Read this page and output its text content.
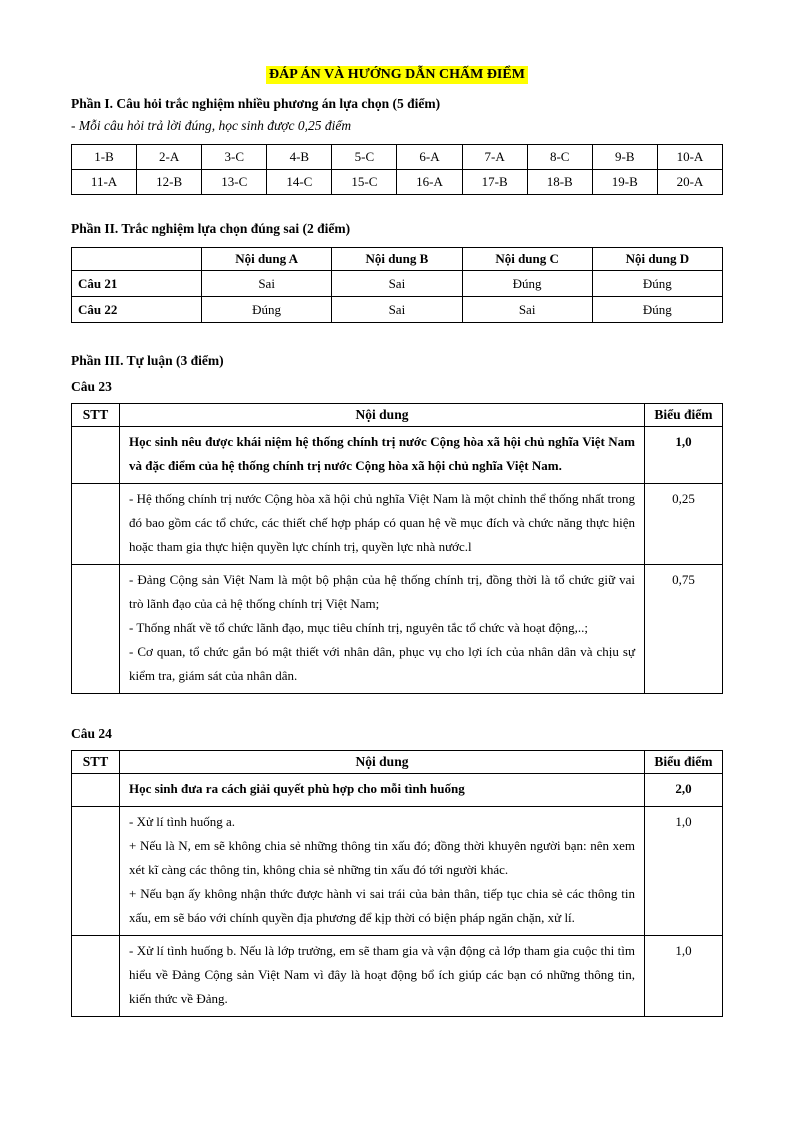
ĐÁP ÁN VÀ HƯỚNG DẪN CHẤM ĐIỂM

Phần I. Câu hỏi trắc nghiệm nhiều phương án lựa chọn (5 điểm)

- Mỗi câu hỏi trả lời đúng, học sinh được 0,25 điểm

1-B	2-A	3-C	4-B	5-C	6-A	7-A	8-C	9-B	10-A
11-A	12-B	13-C	14-C	15-C	16-A	17-B	18-B	19-B	20-A

Phần II. Trắc nghiệm lựa chọn đúng sai (2 điểm)

	Nội dung A	Nội dung B	Nội dung C	Nội dung D
Câu 21	Sai	Sai	Đúng	Đúng
Câu 22	Đúng	Sai	Sai	Đúng

Phần III. Tự luận (3 điểm)

Câu 23

STT	Nội dung	Biểu điểm

	Học sinh nêu được khái niệm hệ thống chính trị nước Cộng hòa xã hội chủ nghĩa Việt Nam và đặc điểm của hệ thống chính trị nước Cộng hòa xã hội chủ nghĩa Việt Nam.	1,0

	- Hệ thống chính trị nước Cộng hòa xã hội chủ nghĩa Việt Nam là một chỉnh thể thống nhất trong đó bao gồm các tổ chức, các thiết chế hợp pháp có quan hệ về mục đích và chức năng thực hiện hoặc tham gia thực hiện quyền lực chính trị, quyền lực nhà nước.l	0,25

	- Đảng Cộng sản Việt Nam là một bộ phận của hệ thống chính trị, đồng thời là tổ chức giữ vai trò lãnh đạo của cả hệ thống chính trị Việt Nam;

- Thống nhất về tổ chức lãnh đạo, mục tiêu chính trị, nguyên tắc tổ chức và hoạt động,..;

- Cơ quan, tổ chức gắn bó mật thiết với nhân dân, phục vụ cho lợi ích của nhân dân và chịu sự kiểm tra, giám sát của nhân dân.	0,75

Câu 24

STT	Nội dung	Biểu điểm

	Học sinh đưa ra cách giải quyết phù hợp cho mỗi tình huống	2,0

	- Xử lí tình huống a.

+ Nếu là N, em sẽ không chia sẻ những thông tin xấu đó; đồng thời khuyên người bạn: nên xem xét kĩ càng các thông tin, không chia sẻ những tin xấu đó tới người khác.

+ Nếu bạn ấy không nhận thức được hành vi sai trái của bản thân, tiếp tục chia sẻ các thông tin xấu, em sẽ báo với chính quyền địa phương để kịp thời có biện pháp ngăn chặn, xử lí.	1,0

	- Xử lí tình huống b. Nếu là lớp trưởng, em sẽ tham gia và vận động cả lớp tham gia cuộc thi tìm hiểu về Đảng Cộng sản Việt Nam vì đây là hoạt động bổ ích giúp các bạn có những thông tin, kiến thức về Đảng.	1,0
